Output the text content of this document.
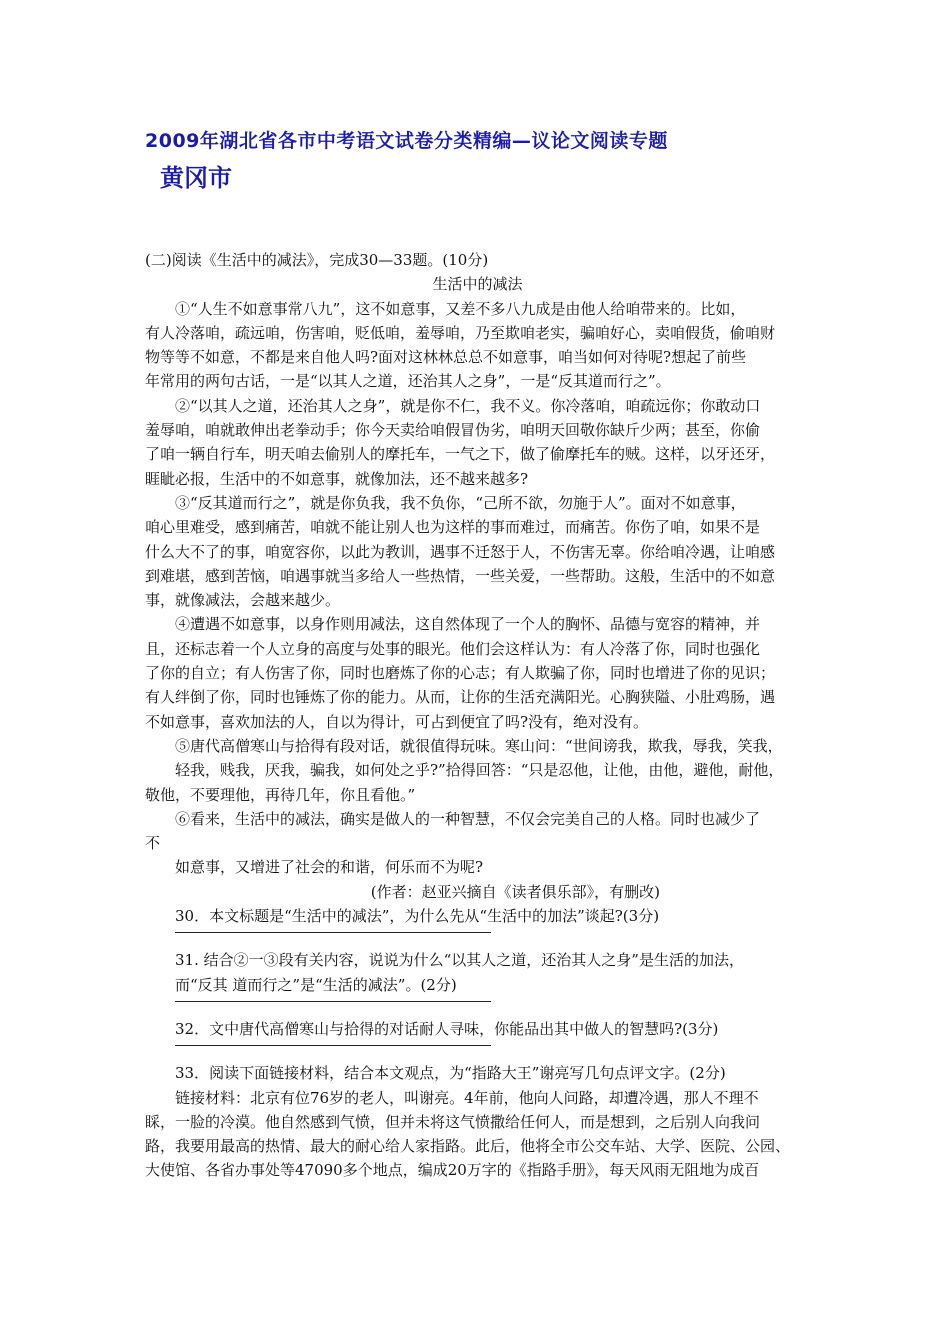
2009年湖北省各市中考语文试卷分类精编—议论文阅读专题
黄冈市
(二)阅读《生活中的减法》，完成30—33题。(10分)
生活中的减法
①“人生不如意事常八九”，这不如意事，又差不多八九成是由他人给咱带来的。比如，
有人冷落咱，疏远咱，伤害咱，贬低咱，羞辱咱，乃至欺咱老实，骗咱好心，卖咱假货，偷咱财
物等等不如意，不都是来自他人吗?面对这林林总总不如意事，咱当如何对待呢?想起了前些
年常用的两句古话，一是“以其人之道，还治其人之身”，一是“反其道而行之”。
②“以其人之道，还治其人之身”，就是你不仁，我不义。你冷落咱，咱疏远你；你敢动口
羞辱咱，咱就敢伸出老拳动手；你今天卖给咱假冒伪劣，咱明天回敬你缺斤少两；甚至，你偷
了咱一辆自行车，明天咱去偷别人的摩托车，一气之下，做了偷摩托车的贼。这样，以牙还牙，
睚眦必报，生活中的不如意事，就像加法，还不越来越多?
③“反其道而行之”，就是你负我，我不负你，“己所不欲，勿施于人”。面对不如意事，
咱心里难受，感到痛苦，咱就不能让别人也为这样的事而难过，而痛苦。你伤了咱，如果不是
什么大不了的事，咱宽容你，以此为教训，遇事不迁怒于人，不伤害无辜。你给咱冷遇，让咱感
到难堪，感到苦恼，咱遇事就当多给人一些热情，一些关爱，一些帮助。这般，生活中的不如意
事，就像减法，会越来越少。
④遭遇不如意事，以身作则用减法，这自然体现了一个人的胸怀、品德与宽容的精神，并
且，还标志着一个人立身的高度与处事的眼光。他们会这样认为：有人冷落了你，同时也强化
了你的自立；有人伤害了你，同时也磨炼了你的心志；有人欺骗了你，同时也增进了你的见识；
有人绊倒了你，同时也锤炼了你的能力。从而，让你的生活充满阳光。心胸狭隘、小肚鸡肠，遇
不如意事，喜欢加法的人，自以为得计，可占到便宜了吗?没有，绝对没有。
⑤唐代高僧寒山与拾得有段对话，就很值得玩味。寒山问：“世间谤我，欺我，辱我，笑我，
轻我，贱我，厌我，骗我，如何处之乎?”拾得回答：“只是忍他，让他，由他，避他，耐他，
敬他，不要理他，再待几年，你且看他。”
⑥看来，生活中的减法，确实是做人的一种智慧，不仅会完美自己的人格。同时也减少了
不
如意事，又增进了社会的和谐，何乐而不为呢?
(作者：赵亚兴摘自《读者俱乐部》，有删改)
30．本文标题是“生活中的减法”，为什么先从“生活中的加法”谈起?(3分)
31. 结合②一③段有关内容，说说为什么“以其人之道，还治其人之身”是生活的加法，
而“反其 道而行之”是“生活的减法”。(2分)
32．文中唐代高僧寒山与拾得的对话耐人寻味，你能品出其中做人的智慧吗?(3分)
33．阅读下面链接材料，结合本文观点，为“指路大王”谢亮写几句点评文字。(2分)
链接材料：北京有位76岁的老人，叫谢亮。4年前，他向人问路，却遭冷遇，那人不理不
睬，一脸的冷漠。他自然感到气愤，但并未将这气愤撒给任何人，而是想到，之后别人向我问
路，我要用最高的热情、最大的耐心给人家指路。此后，他将全市公交车站、大学、医院、公园、
大使馆、各省办事处等47090多个地点，编成20万字的《指路手册》，每天风雨无阻地为成百
